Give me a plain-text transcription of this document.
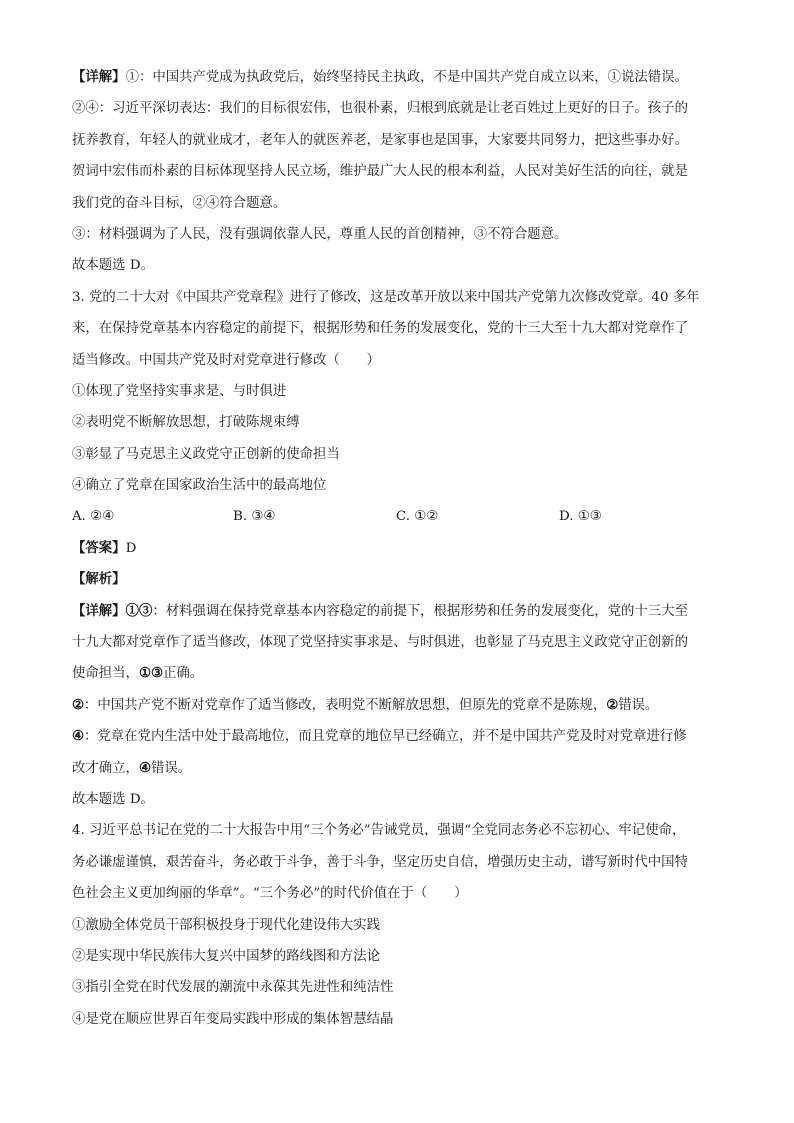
【详解】①：中国共产党成为执政党后，始终坚持民主执政，不是中国共产党自成立以来，①说法错误。
②④：习近平深切表达：我们的目标很宏伟，也很朴素，归根到底就是让老百姓过上更好的日子。孩子的
抚养教育，年轻人的就业成才，老年人的就医养老，是家事也是国事，大家要共同努力，把这些事办好。
贺词中宏伟而朴素的目标体现坚持人民立场，维护最广大人民的根本利益，人民对美好生活的向往，就是
我们党的奋斗目标，②④符合题意。
③：材料强调为了人民，没有强调依靠人民，尊重人民的首创精神，③不符合题意。
故本题选 D。
3. 党的二十大对《中国共产党章程》进行了修改，这是改革开放以来中国共产党第九次修改党章。40 多年
来，在保持党章基本内容稳定的前提下，根据形势和任务的发展变化，党的十三大至十九大都对党章作了
适当修改。中国共产党及时对党章进行修改（　　）
①体现了党坚持实事求是、与时俱进
②表明党不断解放思想，打破陈规束缚
③彰显了马克思主义政党守正创新的使命担当
④确立了党章在国家政治生活中的最高地位
A. ②④	B. ③④	C. ①②	D. ①③
【答案】D
【解析】
【详解】①③：材料强调在保持党章基本内容稳定的前提下，根据形势和任务的发展变化，党的十三大至
十九大都对党章作了适当修改，体现了党坚持实事求是、与时俱进，也彰显了马克思主义政党守正创新的
使命担当，①③正确。
②：中国共产党不断对党章作了适当修改，表明党不断解放思想，但原先的党章不是陈规，②错误。
④：党章在党内生活中处于最高地位，而且党章的地位早已经确立，并不是中国共产党及时对党章进行修
改才确立，④错误。
故本题选 D。
4. 习近平总书记在党的二十大报告中用“三个务必”告诫党员，强调“全党同志务必不忘初心、牢记使命，
务必谦虚谨慎，艰苦奋斗，务必敢于斗争，善于斗争，坚定历史自信，增强历史主动，谱写新时代中国特
色社会主义更加绚丽的华章”。“三个务必”的时代价值在于（　　）
①激励全体党员干部积极投身于现代化建设伟大实践
②是实现中华民族伟大复兴中国梦的路线图和方法论
③指引全党在时代发展的潮流中永葆其先进性和纯洁性
④是党在顺应世界百年变局实践中形成的集体智慧结晶
